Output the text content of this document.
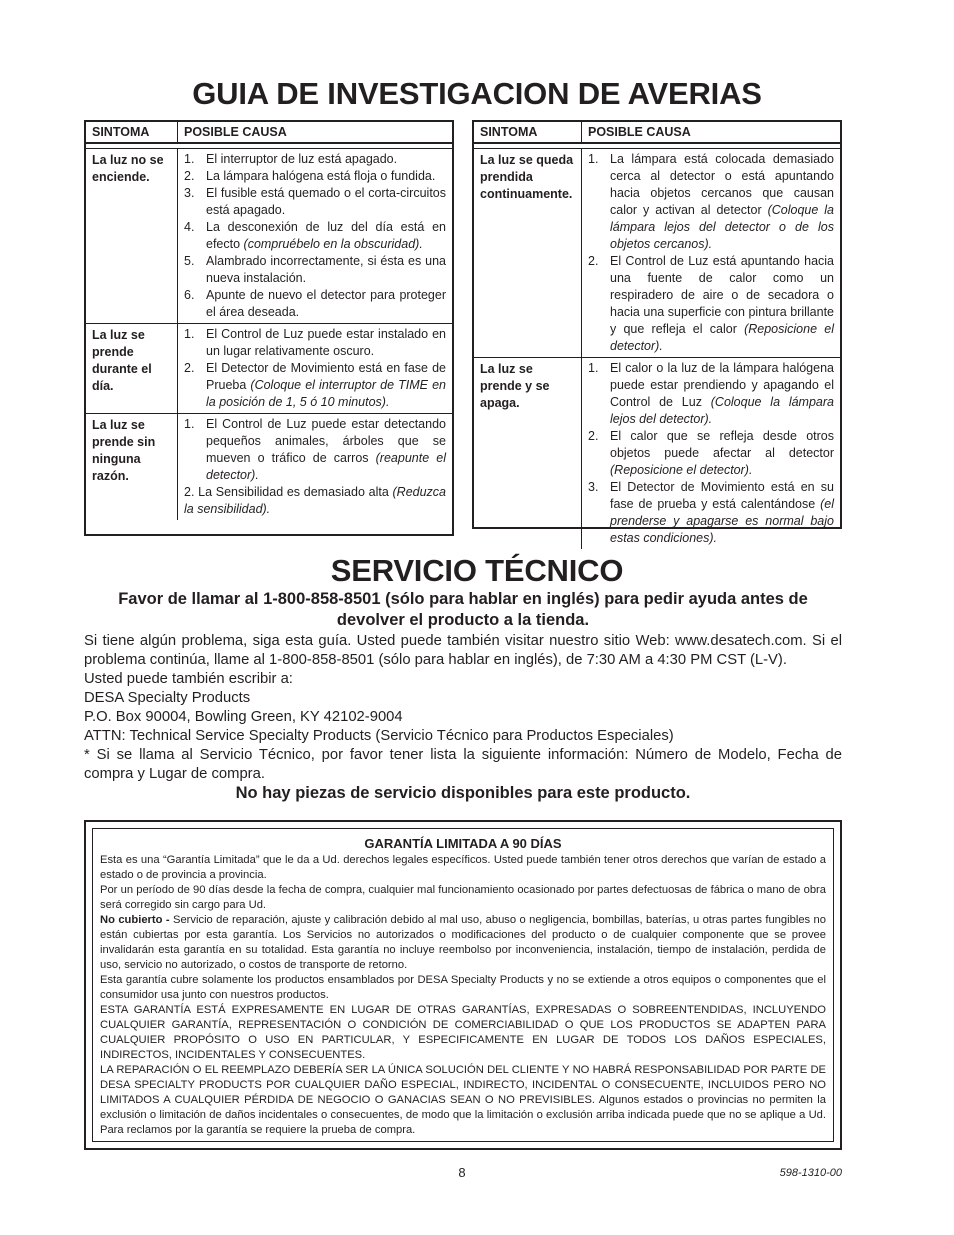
GUIA DE INVESTIGACION DE AVERIAS
SINTOMA	POSIBLE CAUSA
La luz no se enciende.
1. El interruptor de luz está apagado.
2. La lámpara halógena está floja o fundida.
3. El fusible está quemado o el corta-circuitos está apagado.
4. La desconexión de luz del día está en efecto (compruébelo en la obscuridad).
5. Alambrado incorrectamente, si ésta es una nueva instalación.
6. Apunte de nuevo el detector para proteger el área deseada.
La luz se prende durante el día.
1. El Control de Luz puede estar instalado en un lugar relativamente oscuro.
2. El Detector de Movimiento está en fase de Prueba (Coloque el interruptor de TIME en la posición de 1, 5 ó 10 minutos).
La luz se prende sin ninguna razón.
1. El Control de Luz puede estar detectando pequeños animales, árboles que se mueven o tráfico de carros (reapunte el detector).
2. La Sensibilidad es demasiado alta (Reduzca la sensibilidad).
SINTOMA	POSIBLE CAUSA
La luz se queda prendida continuamente.
1. La lámpara está colocada demasiado cerca al detector o está apuntando hacia objetos cercanos que causan calor y activan al detector (Coloque la lámpara lejos del detector o de los objetos cercanos).
2. El Control de Luz está apuntando hacia una fuente de calor como un respiradero de aire o de secadora o hacia una superficie con pintura brillante y que refleja el calor (Reposicione el detector).
La luz se prende y se apaga.
1. El calor o la luz de la lámpara halógena puede estar prendiendo y apagando el Control de Luz (Coloque la lámpara lejos del detector).
2. El calor que se refleja desde otros objetos puede afectar al detector (Reposicione el detector).
3. El Detector de Movimiento está en su fase de prueba y está calentándose (el prenderse y apagarse es normal bajo estas condiciones).
SERVICIO TÉCNICO
Favor de llamar al 1-800-858-8501 (sólo para hablar en inglés) para pedir ayuda antes de devolver el producto a la tienda.
Si tiene algún problema, siga esta guía. Usted puede también visitar nuestro sitio Web: www.desatech.com. Si el problema continúa, llame al 1-800-858-8501 (sólo para hablar en inglés), de 7:30 AM a 4:30 PM CST (L-V).
Usted puede también escribir a:
DESA Specialty Products
P.O. Box 90004, Bowling Green, KY 42102-9004
ATTN: Technical Service Specialty Products (Servicio Técnico para Productos Especiales)
* Si se llama al Servicio Técnico, por favor tener lista la siguiente información: Número de Modelo, Fecha de compra y Lugar de compra.
No hay piezas de servicio disponibles para este producto.
GARANTÍA LIMITADA A 90 DÍAS
Esta es una “Garantía Limitada” que le da a Ud. derechos legales específicos. Usted puede también tener otros derechos que varían de estado a estado o de provincia a provincia.
Por un período de 90 días desde la fecha de compra, cualquier mal funcionamiento ocasionado por partes defectuosas de fábrica o mano de obra será corregido sin cargo para Ud.
No cubierto - Servicio de reparación, ajuste y calibración debido al mal uso, abuso o negligencia, bombillas, baterías, u otras partes fungibles no están cubiertas por esta garantía. Los Servicios no autorizados o modificaciones del producto o de cualquier componente que se provee invalidarán esta garantía en su totalidad. Esta garantía no incluye reembolso por inconveniencia, instalación, tiempo de instalación, perdida de uso, servicio no autorizado, o costos de transporte de retorno.
Esta garantía cubre solamente los productos ensamblados por DESA Specialty Products y no se extiende a otros equipos o componentes que el consumidor usa junto con nuestros productos.
ESTA GARANTÍA ESTÁ EXPRESAMENTE EN LUGAR DE OTRAS GARANTÍAS, EXPRESADAS O SOBREENTENDIDAS, INCLUYENDO CUALQUIER GARANTÍA, REPRESENTACIÓN O CONDICIÓN DE COMERCIABILIDAD O QUE LOS PRODUCTOS SE ADAPTEN PARA CUALQUIER PROPÓSITO O USO EN PARTICULAR, Y ESPECIFICAMENTE EN LUGAR DE TODOS LOS DAÑOS ESPECIALES, INDIRECTOS, INCIDENTALES Y CONSECUENTES.
LA REPARACIÓN O EL REEMPLAZO DEBERÍA SER LA ÚNICA SOLUCIÓN DEL CLIENTE Y NO HABRÁ RESPONSABILIDAD POR PARTE DE DESA SPECIALTY PRODUCTS POR CUALQUIER DAÑO ESPECIAL, INDIRECTO, INCIDENTAL O CONSECUENTE, INCLUIDOS PERO NO LIMITADOS A CUALQUIER PÉRDIDA DE NEGOCIO O GANACIAS SEAN O NO PREVISIBLES. Algunos estados o provincias no permiten la exclusión o limitación de daños incidentales o consecuentes, de modo que la limitación o exclusión arriba indicada puede que no se aplique a Ud. Para reclamos por la garantía se requiere la prueba de compra.
8	598-1310-00
